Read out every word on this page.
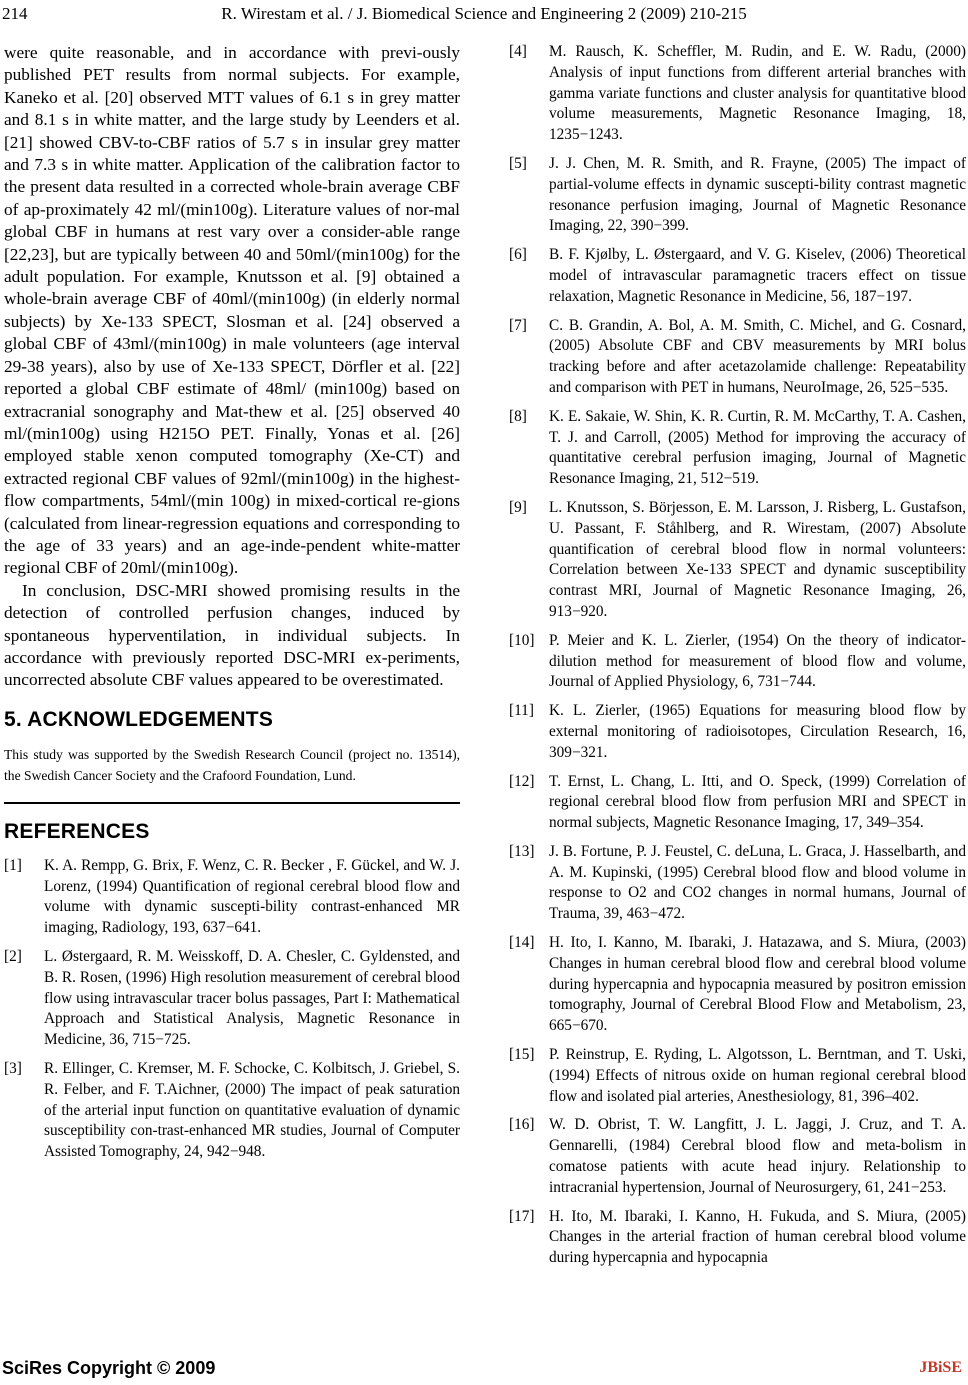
214	R. Wirestam et al. / J. Biomedical Science and Engineering 2 (2009) 210-215

were quite reasonable, and in accordance with previ-ously published PET results from normal subjects. For example, Kaneko et al. [20] observed MTT values of 6.1 s in grey matter and 8.1 s in white matter, and the large study by Leenders et al. [21] showed CBV-to-CBF ratios of 5.7 s in insular grey matter and 7.3 s in white matter. Application of the calibration factor to the present data resulted in a corrected whole-brain average CBF of ap-proximately 42 ml/(min100g). Literature values of nor-mal global CBF in humans at rest vary over a consider-able range [22,23], but are typically between 40 and 50ml/(min100g) for the adult population. For example, Knutsson et al. [9] obtained a whole-brain average CBF of 40ml/(min100g) (in elderly normal subjects) by Xe-133 SPECT, Slosman et al. [24] observed a global CBF of 43ml/(min100g) in male volunteers (age interval 29-38 years), also by use of Xe-133 SPECT, Dörfler et al. [22] reported a global CBF estimate of 48ml/ (min100g) based on extracranial sonography and Mat-thew et al. [25] observed 40 ml/(min100g) using H215O PET. Finally, Yonas et al. [26] employed stable xenon computed tomography (Xe-CT) and extracted regional CBF values of 92ml/(min100g) in the highest-flow compartments, 54ml/(min 100g) in mixed-cortical re-gions (calculated from linear-regression equations and corresponding to the age of 33 years) and an age-inde-pendent white-matter regional CBF of 20ml/(min100g).

In conclusion, DSC-MRI showed promising results in the detection of controlled perfusion changes, induced by spontaneous hyperventilation, in individual subjects. In accordance with previously reported DSC-MRI ex-periments, uncorrected absolute CBF values appeared to be overestimated.

5. ACKNOWLEDGEMENTS

This study was supported by the Swedish Research Council (project no. 13514), the Swedish Cancer Society and the Crafoord Foundation, Lund.

REFERENCES
[1]	K. A. Rempp, G. Brix, F. Wenz, C. R. Becker , F. Gückel, and W. J. Lorenz, (1994) Quantification of regional cerebral blood flow and volume with dynamic suscepti-bility contrast-enhanced MR imaging, Radiology, 193, 637−641.
[2]	L. Østergaard, R. M. Weisskoff, D. A. Chesler, C. Gyldensted, and B. R. Rosen, (1996) High resolution measurement of cerebral blood flow using intravascular tracer bolus passages, Part I: Mathematical Approach and Statistical Analysis, Magnetic Resonance in Medicine, 36, 715−725.
[3]	R. Ellinger, C. Kremser, M. F. Schocke, C. Kolbitsch, J. Griebel, S. R. Felber, and F. T.Aichner, (2000) The impact of peak saturation of the arterial input function on quantitative evaluation of dynamic susceptibility con-trast-enhanced MR studies, Journal of Computer Assisted Tomography, 24, 942−948.
[4]	M. Rausch, K. Scheffler, M. Rudin, and E. W. Radu, (2000) Analysis of input functions from different arterial branches with gamma variate functions and cluster analysis for quantitative blood volume measurements, Magnetic Resonance Imaging, 18, 1235−1243.
[5]	J. J. Chen, M. R. Smith, and R. Frayne, (2005) The impact of partial-volume effects in dynamic suscepti-bility contrast magnetic resonance perfusion imaging, Journal of Magnetic Resonance Imaging, 22, 390−399.
[6]	B. F. Kjølby, L. Østergaard, and V. G. Kiselev, (2006) Theoretical model of intravascular paramagnetic tracers effect on tissue relaxation, Magnetic Resonance in Medicine, 56, 187−197.
[7]	C. B. Grandin, A. Bol, A. M. Smith, C. Michel, and G. Cosnard, (2005) Absolute CBF and CBV measurements by MRI bolus tracking before and after acetazolamide challenge: Repeatability and comparison with PET in humans, NeuroImage, 26, 525−535.
[8]	K. E. Sakaie, W. Shin, K. R. Curtin, R. M. McCarthy, T. A. Cashen, T. J. and Carroll, (2005) Method for improving the accuracy of quantitative cerebral perfusion imaging, Journal of Magnetic Resonance Imaging, 21, 512−519.
[9]	L. Knutsson, S. Börjesson, E. M. Larsson, J. Risberg, L. Gustafson, U. Passant, F. Ståhlberg, and R. Wirestam, (2007) Absolute quantification of cerebral blood flow in normal volunteers: Correlation between Xe-133 SPECT and dynamic susceptibility contrast MRI, Journal of Magnetic Resonance Imaging, 26, 913−920.
[10] P. Meier and K. L. Zierler, (1954) On the theory of indicator-dilution method for measurement of blood flow and volume, Journal of Applied Physiology, 6, 731−744.
[11] K. L. Zierler, (1965) Equations for measuring blood flow by external monitoring of radioisotopes, Circulation Research, 16, 309−321.
[12] T. Ernst, L. Chang, L. Itti, and O. Speck, (1999) Correlation of regional cerebral blood flow from perfusion MRI and SPECT in normal subjects, Magnetic Resonance Imaging, 17, 349–354.
[13] J. B. Fortune, P. J. Feustel, C. deLuna, L. Graca, J. Hasselbarth, and A. M. Kupinski, (1995) Cerebral blood flow and blood volume in response to O2 and CO2 changes in normal humans, Journal of Trauma, 39, 463−472.
[14] H. Ito, I. Kanno, M. Ibaraki, J. Hatazawa, and S. Miura, (2003) Changes in human cerebral blood flow and cerebral blood volume during hypercapnia and hypocapnia measured by positron emission tomography, Journal of Cerebral Blood Flow and Metabolism, 23, 665−670.
[15] P. Reinstrup, E. Ryding, L. Algotsson, L. Berntman, and T. Uski, (1994) Effects of nitrous oxide on human regional cerebral blood flow and isolated pial arteries, Anesthesiology, 81, 396–402.
[16] W. D. Obrist, T. W. Langfitt, J. L. Jaggi, J. Cruz, and T. A. Gennarelli, (1984) Cerebral blood flow and meta-bolism in comatose patients with acute head injury. Relationship to intracranial hypertension, Journal of Neurosurgery, 61, 241−253.
[17] H. Ito, M. Ibaraki, I. Kanno, H. Fukuda, and S. Miura, (2005) Changes in the arterial fraction of human cerebral blood volume during hypercapnia and hypocapnia
SciRes Copyright © 2009	JBiSE
